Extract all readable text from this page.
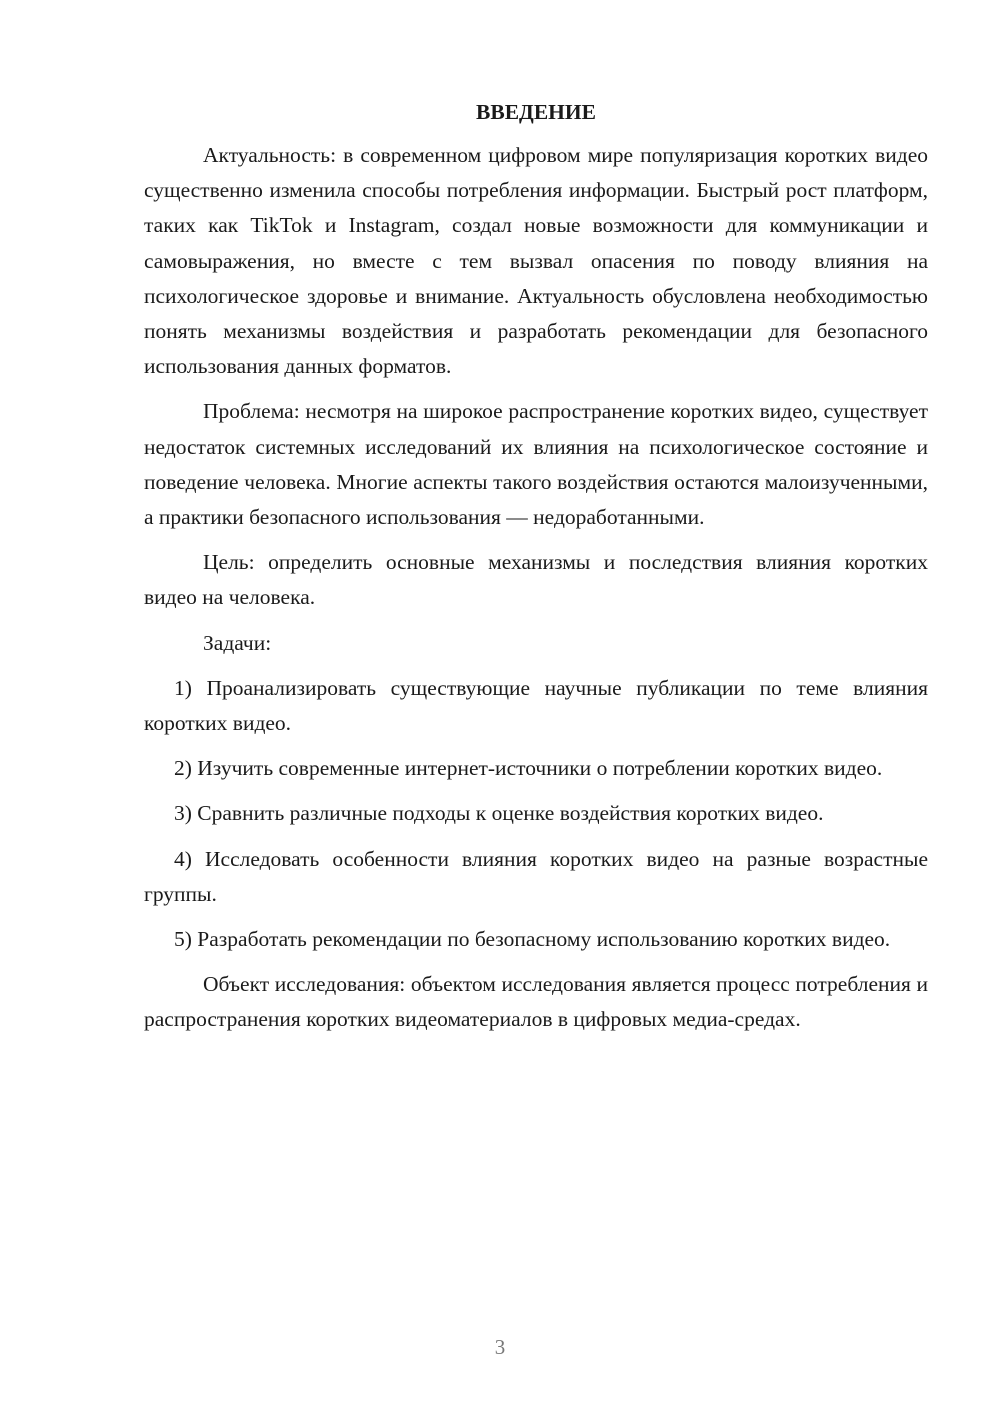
ВВЕДЕНИЕ

Актуальность: в современном цифровом мире популяризация коротких видео существенно изменила способы потребления информации. Быстрый рост платформ, таких как TikTok и Instagram, создал новые возможности для коммуникации и самовыражения, но вместе с тем вызвал опасения по поводу влияния на психологическое здоровье и внимание. Актуальность обусловлена необходимостью понять механизмы воздействия и разработать рекомендации для безопасного использования данных форматов.

Проблема: несмотря на широкое распространение коротких видео, существует недостаток системных исследований их влияния на психологическое состояние и поведение человека. Многие аспекты такого воздействия остаются малоизученными, а практики безопасного использования — недоработанными.

Цель: определить основные механизмы и последствия влияния коротких видео на человека.

Задачи:

1) Проанализировать существующие научные публикации по теме влияния коротких видео.

2) Изучить современные интернет-источники о потреблении коротких видео.

3) Сравнить различные подходы к оценке воздействия коротких видео.

4) Исследовать особенности влияния коротких видео на разные возрастные группы.

5) Разработать рекомендации по безопасному использованию коротких видео.

Объект исследования: объектом исследования является процесс потребления и распространения коротких видеоматериалов в цифровых медиа-средах.

3
